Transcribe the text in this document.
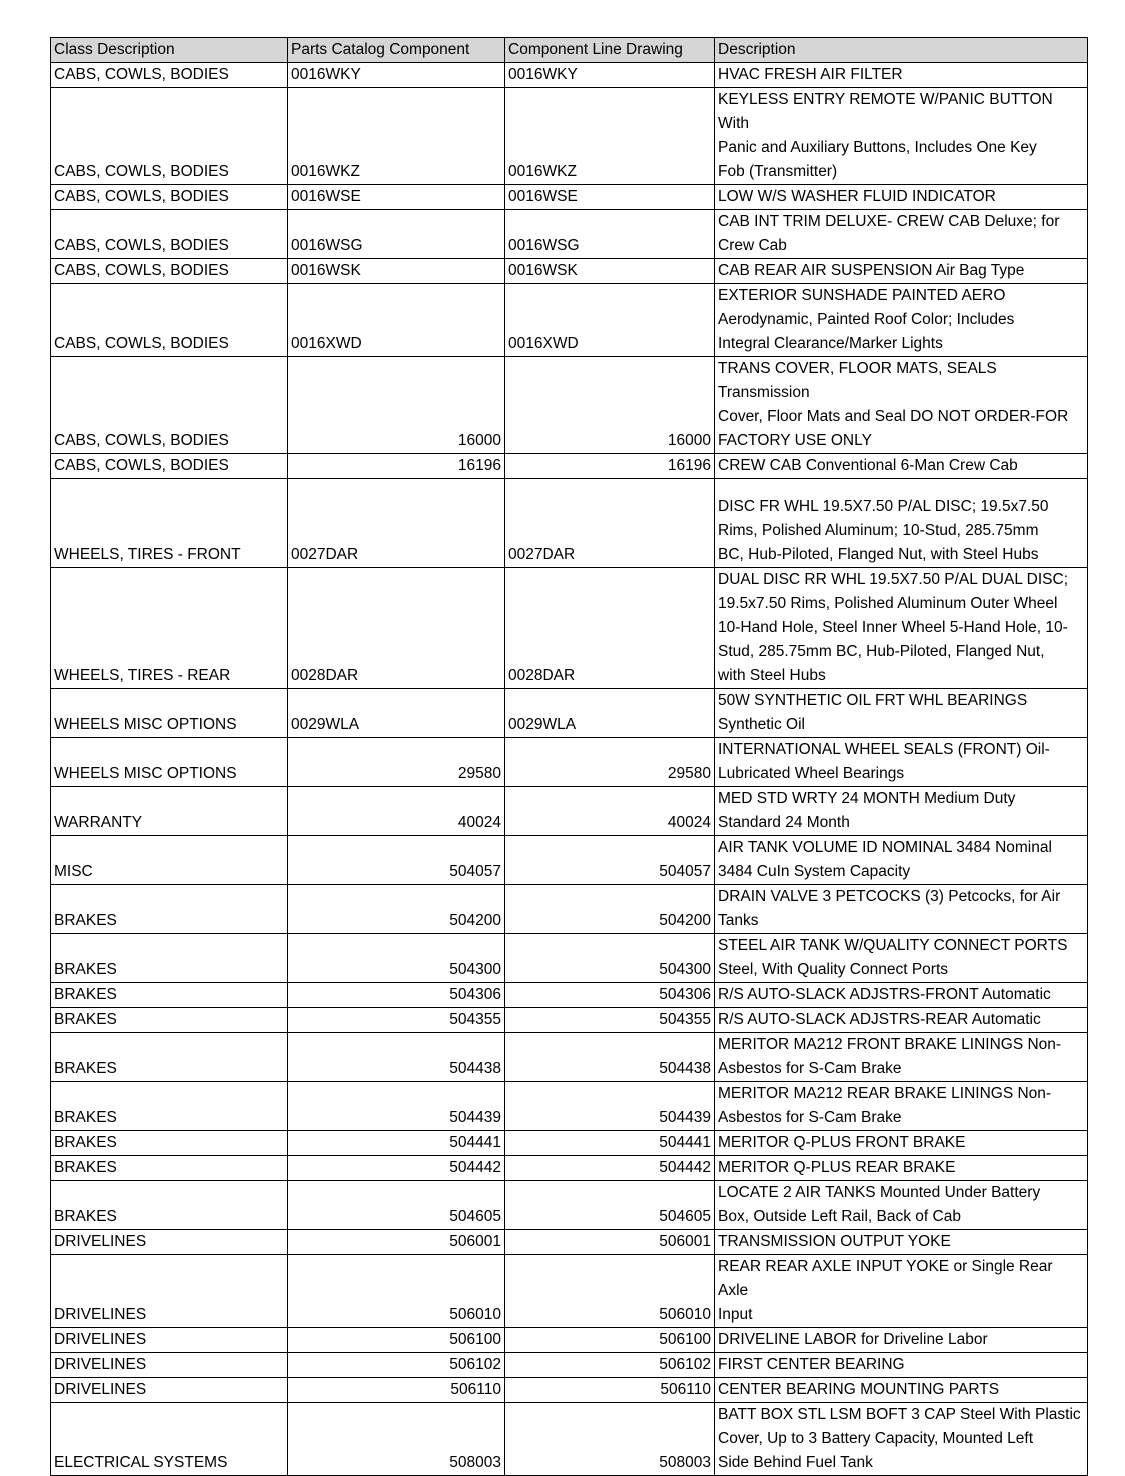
Class Description	Parts Catalog Component	Component Line Drawing	Description
CABS, COWLS, BODIES	0016WKY	0016WKY	HVAC FRESH AIR FILTER

CABS, COWLS, BODIES	0016WKZ	0016WKZ	KEYLESS ENTRY REMOTE W/PANIC BUTTON With
Panic and Auxiliary Buttons, Includes One Key
Fob (Transmitter)

CABS, COWLS, BODIES	0016WSE	0016WSE	LOW W/S WASHER FLUID INDICATOR

CABS, COWLS, BODIES	0016WSG	0016WSG	CAB INT TRIM DELUXE- CREW CAB Deluxe; for
Crew Cab

CABS, COWLS, BODIES	0016WSK	0016WSK	CAB REAR AIR SUSPENSION Air Bag Type

CABS, COWLS, BODIES	0016XWD	0016XWD	EXTERIOR SUNSHADE PAINTED AERO
Aerodynamic, Painted Roof Color; Includes
Integral Clearance/Marker Lights

CABS, COWLS, BODIES	16000	16000	TRANS COVER, FLOOR MATS, SEALS Transmission
Cover, Floor Mats and Seal DO NOT ORDER-FOR
FACTORY USE ONLY

CABS, COWLS, BODIES	16196	16196	CREW CAB Conventional 6-Man Crew Cab

WHEELS, TIRES - FRONT	0027DAR	0027DAR	DISC FR WHL 19.5X7.50 P/AL DISC; 19.5x7.50
Rims, Polished Aluminum; 10-Stud, 285.75mm
BC, Hub-Piloted, Flanged Nut, with Steel Hubs

WHEELS, TIRES - REAR	0028DAR	0028DAR	DUAL DISC RR WHL 19.5X7.50 P/AL DUAL DISC;
19.5x7.50 Rims, Polished Aluminum Outer Wheel
10-Hand Hole, Steel Inner Wheel 5-Hand Hole, 10-
Stud, 285.75mm BC, Hub-Piloted, Flanged Nut,
with Steel Hubs

WHEELS MISC OPTIONS	0029WLA	0029WLA	50W SYNTHETIC OIL FRT WHL BEARINGS
Synthetic Oil

WHEELS MISC OPTIONS	29580	29580	INTERNATIONAL WHEEL SEALS (FRONT) Oil-
Lubricated Wheel Bearings

WARRANTY	40024	40024	MED STD WRTY 24 MONTH Medium Duty
Standard 24 Month

MISC	504057	504057	AIR TANK VOLUME ID NOMINAL 3484 Nominal
3484 CuIn System Capacity

BRAKES	504200	504200	DRAIN VALVE 3 PETCOCKS (3) Petcocks, for Air
Tanks

BRAKES	504300	504300	STEEL AIR TANK W/QUALITY CONNECT PORTS
Steel, With Quality Connect Ports

BRAKES	504306	504306	R/S AUTO-SLACK ADJSTRS-FRONT Automatic

BRAKES	504355	504355	R/S AUTO-SLACK ADJSTRS-REAR Automatic

BRAKES	504438	504438	MERITOR MA212 FRONT BRAKE LININGS Non-
Asbestos for S-Cam Brake

BRAKES	504439	504439	MERITOR MA212 REAR BRAKE LININGS Non-
Asbestos for S-Cam Brake

BRAKES	504441	504441	MERITOR Q-PLUS FRONT BRAKE

BRAKES	504442	504442	MERITOR Q-PLUS REAR BRAKE

BRAKES	504605	504605	LOCATE 2 AIR TANKS Mounted Under Battery
Box, Outside Left Rail, Back of Cab

DRIVELINES	506001	506001	TRANSMISSION OUTPUT YOKE

DRIVELINES	506010	506010	REAR REAR AXLE INPUT YOKE or Single Rear Axle
Input

DRIVELINES	506100	506100	DRIVELINE LABOR for Driveline Labor

DRIVELINES	506102	506102	FIRST CENTER BEARING

DRIVELINES	506110	506110	CENTER BEARING MOUNTING PARTS

ELECTRICAL SYSTEMS	508003	508003	BATT BOX STL LSM BOFT 3 CAP Steel With Plastic
Cover, Up to 3 Battery Capacity, Mounted Left
Side Behind Fuel Tank
